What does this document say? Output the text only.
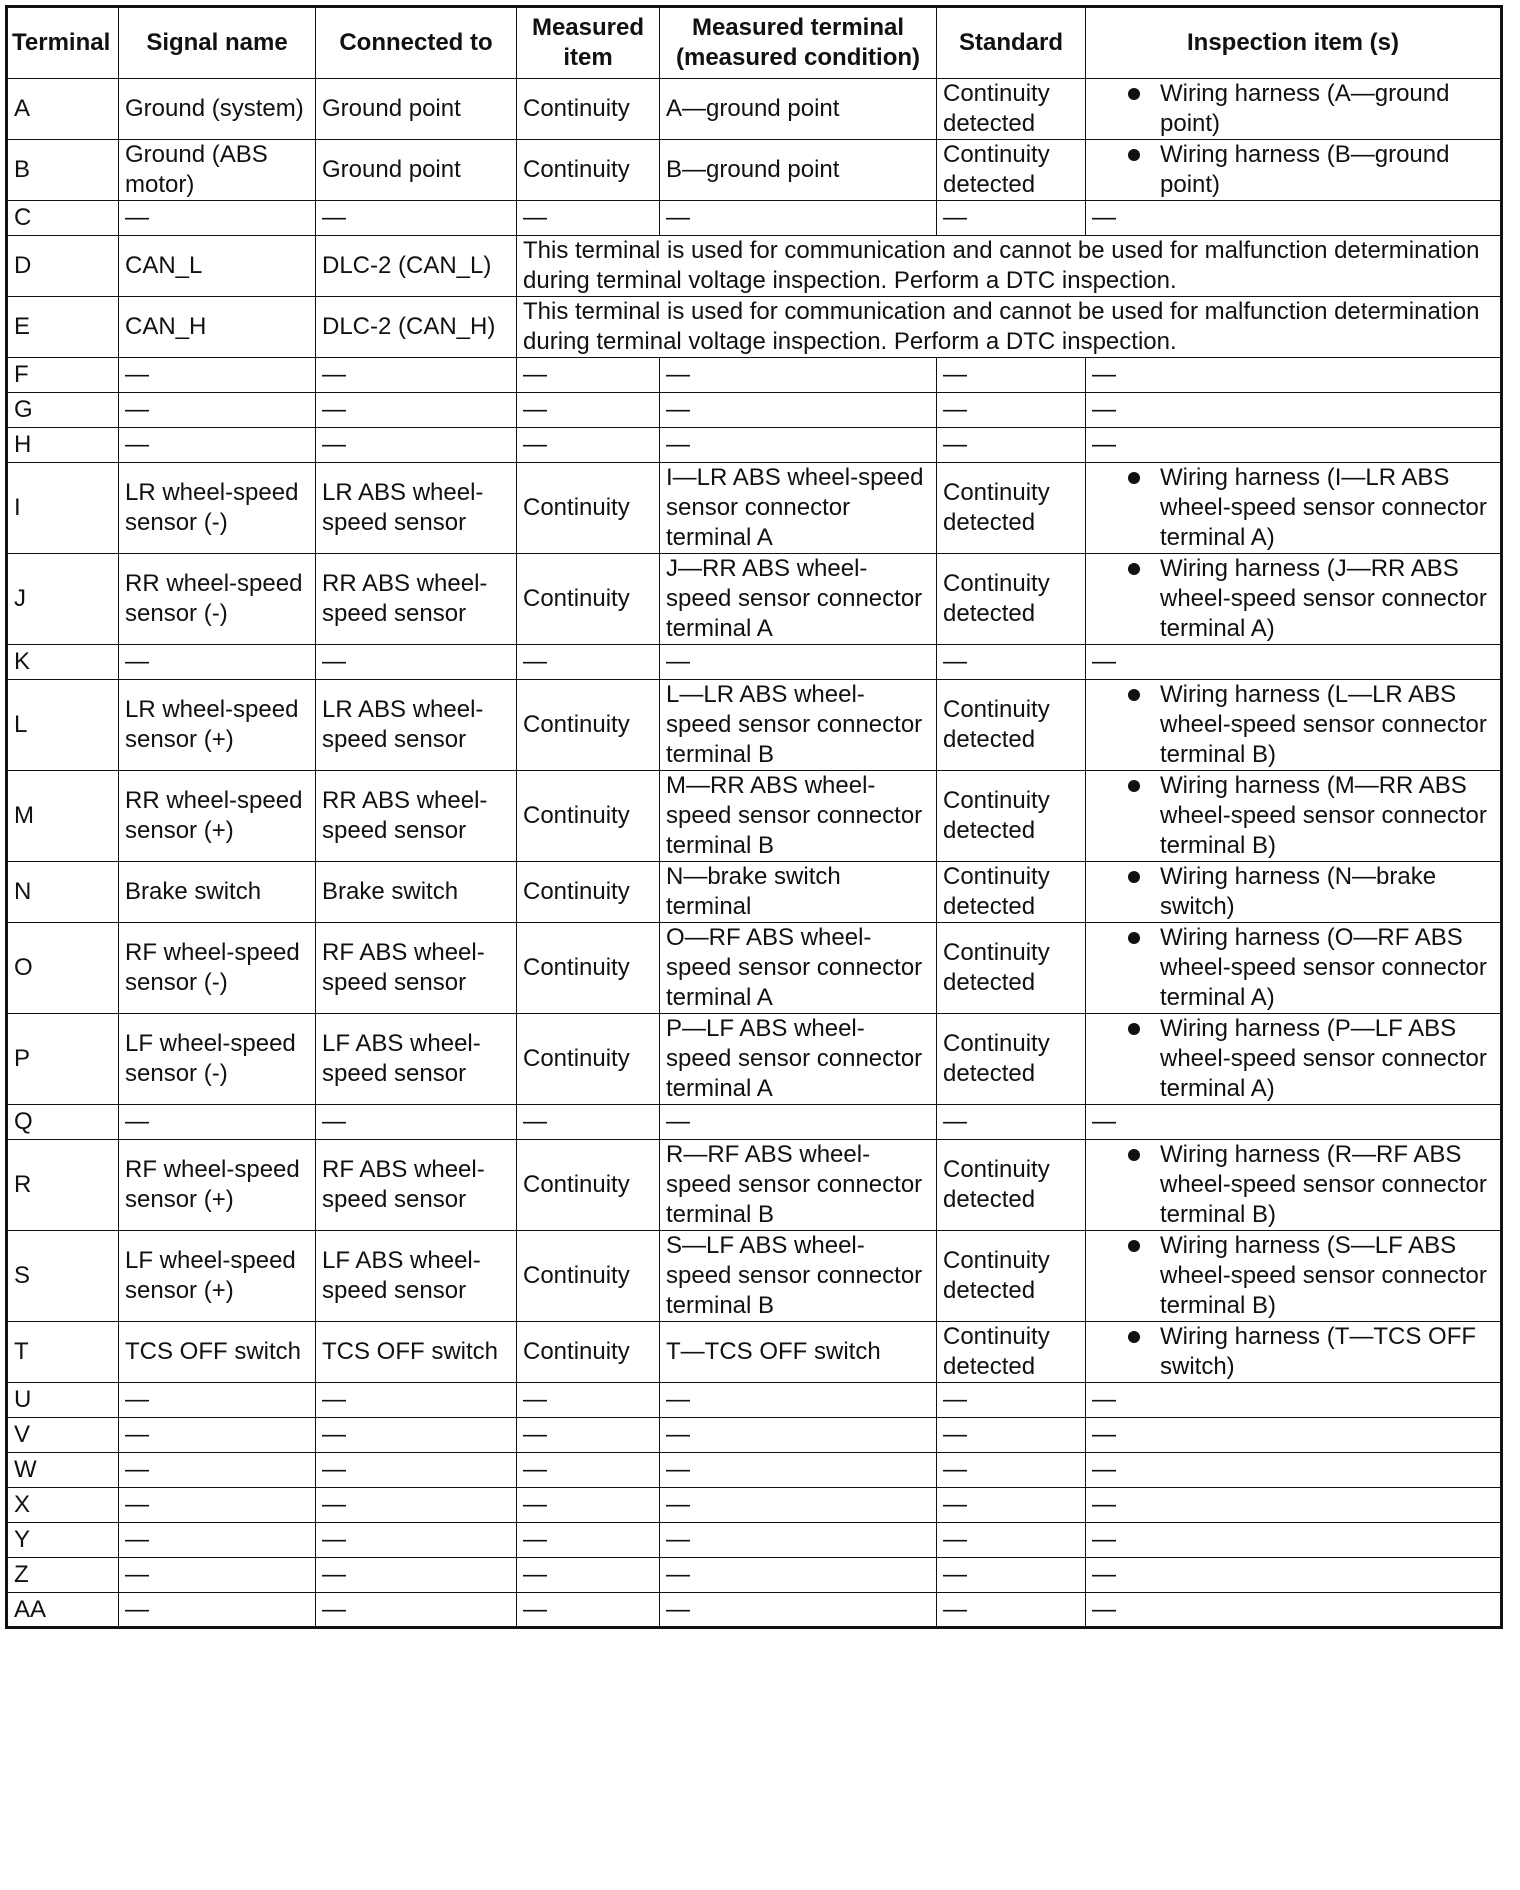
Terminal	Signal name	Connected to	Measured item	Measured terminal (measured condition)	Standard	Inspection item (s)
A	Ground (system)	Ground point	Continuity	A—ground point	Continuity detected	Wiring harness (A—ground point)

B	Ground (ABS motor)	Ground point	Continuity	B—ground point	Continuity detected	Wiring harness (B—ground point)

C	—	—	—	—	—	—
D	CAN_L	DLC-2 (CAN_L)	This terminal is used for communication and cannot be used for malfunction determination during terminal voltage inspection. Perform a DTC inspection.			
E	CAN_H	DLC-2 (CAN_H)	This terminal is used for communication and cannot be used for malfunction determination during terminal voltage inspection. Perform a DTC inspection.			
F	—	—	—	—	—	—
G	—	—	—	—	—	—
H	—	—	—	—	—	—
I	LR wheel-speed sensor (-)	LR ABS wheel-speed sensor	Continuity	I—LR ABS wheel-speed sensor connector terminal A	Continuity detected	Wiring harness (I—LR ABS wheel-speed sensor connector terminal A)

J	RR wheel-speed sensor (-)	RR ABS wheel-speed sensor	Continuity	J—RR ABS wheel-speed sensor connector terminal A	Continuity detected	Wiring harness (J—RR ABS wheel-speed sensor connector terminal A)

K	—	—	—	—	—	—
L	LR wheel-speed sensor (+)	LR ABS wheel-speed sensor	Continuity	L—LR ABS wheel-speed sensor connector terminal B	Continuity detected	Wiring harness (L—LR ABS wheel-speed sensor connector terminal B)

M	RR wheel-speed sensor (+)	RR ABS wheel-speed sensor	Continuity	M—RR ABS wheel-speed sensor connector terminal B	Continuity detected	Wiring harness (M—RR ABS wheel-speed sensor connector terminal B)

N	Brake switch	Brake switch	Continuity	N—brake switch terminal	Continuity detected	Wiring harness (N—brake switch)

O	RF wheel-speed sensor (-)	RF ABS wheel-speed sensor	Continuity	O—RF ABS wheel-speed sensor connector terminal A	Continuity detected	Wiring harness (O—RF ABS wheel-speed sensor connector terminal A)

P	LF wheel-speed sensor (-)	LF ABS wheel-speed sensor	Continuity	P—LF ABS wheel-speed sensor connector terminal A	Continuity detected	Wiring harness (P—LF ABS wheel-speed sensor connector terminal A)

Q	—	—	—	—	—	—
R	RF wheel-speed sensor (+)	RF ABS wheel-speed sensor	Continuity	R—RF ABS wheel-speed sensor connector terminal B	Continuity detected	Wiring harness (R—RF ABS wheel-speed sensor connector terminal B)

S	LF wheel-speed sensor (+)	LF ABS wheel-speed sensor	Continuity	S—LF ABS wheel-speed sensor connector terminal B	Continuity detected	Wiring harness (S—LF ABS wheel-speed sensor connector terminal B)

T	TCS OFF switch	TCS OFF switch	Continuity	T—TCS OFF switch	Continuity detected	Wiring harness (T—TCS OFF switch)

U	—	—	—	—	—	—
V	—	—	—	—	—	—
W	—	—	—	—	—	—
X	—	—	—	—	—	—
Y	—	—	—	—	—	—
Z	—	—	—	—	—	—
AA	—	—	—	—	—	—
